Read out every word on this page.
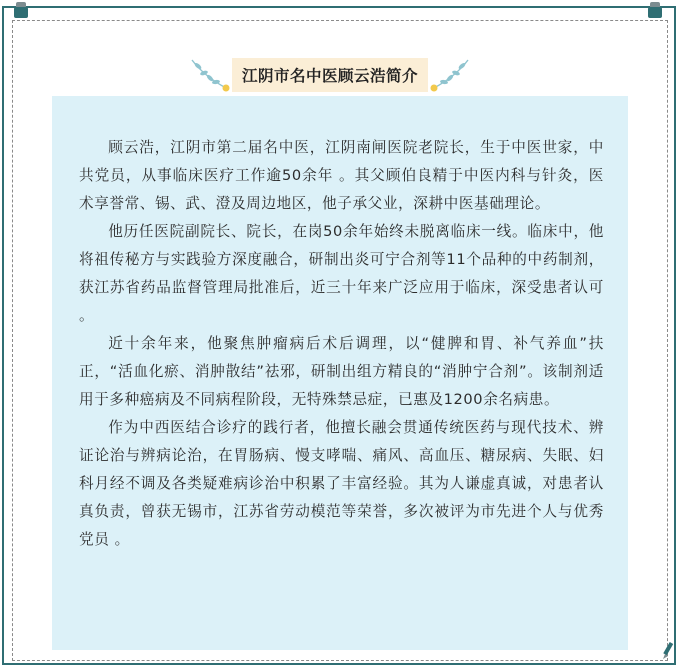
江阴市名中医顾云浩简介

顾云浩，江阴市第二届名中医，江阴南闸医院老院长，生于中医世家，中共党员，从事临床医疗工作逾50余年 。其父顾伯良精于中医内科与针灸，医术享誉常、锡、武、澄及周边地区，他子承父业，深耕中医基础理论。

他历任医院副院长、院长，在岗50余年始终未脱离临床一线。临床中，他将祖传秘方与实践验方深度融合，研制出炎可宁合剂等11个品种的中药制剂，获江苏省药品监督管理局批准后，近三十年来广泛应用于临床，深受患者认可 。

近十余年来，他聚焦肿瘤病后术后调理，以“健脾和胃、补气养血”扶正，“活血化瘀、消肿散结”祛邪，研制出组方精良的“消肿宁合剂”。该制剂适用于多种癌病及不同病程阶段，无特殊禁忌症，已惠及1200余名病患。

作为中西医结合诊疗的践行者，他擅长融会贯通传统医药与现代技术、辨证论治与辨病论治，在胃肠病、慢支哮喘、痛风、高血压、糖尿病、失眠、妇科月经不调及各类疑难病诊治中积累了丰富经验。其为人谦虚真诚，对患者认真负责，曾获无锡市，江苏省劳动模范等荣誉，多次被评为市先进个人与优秀党员 。
